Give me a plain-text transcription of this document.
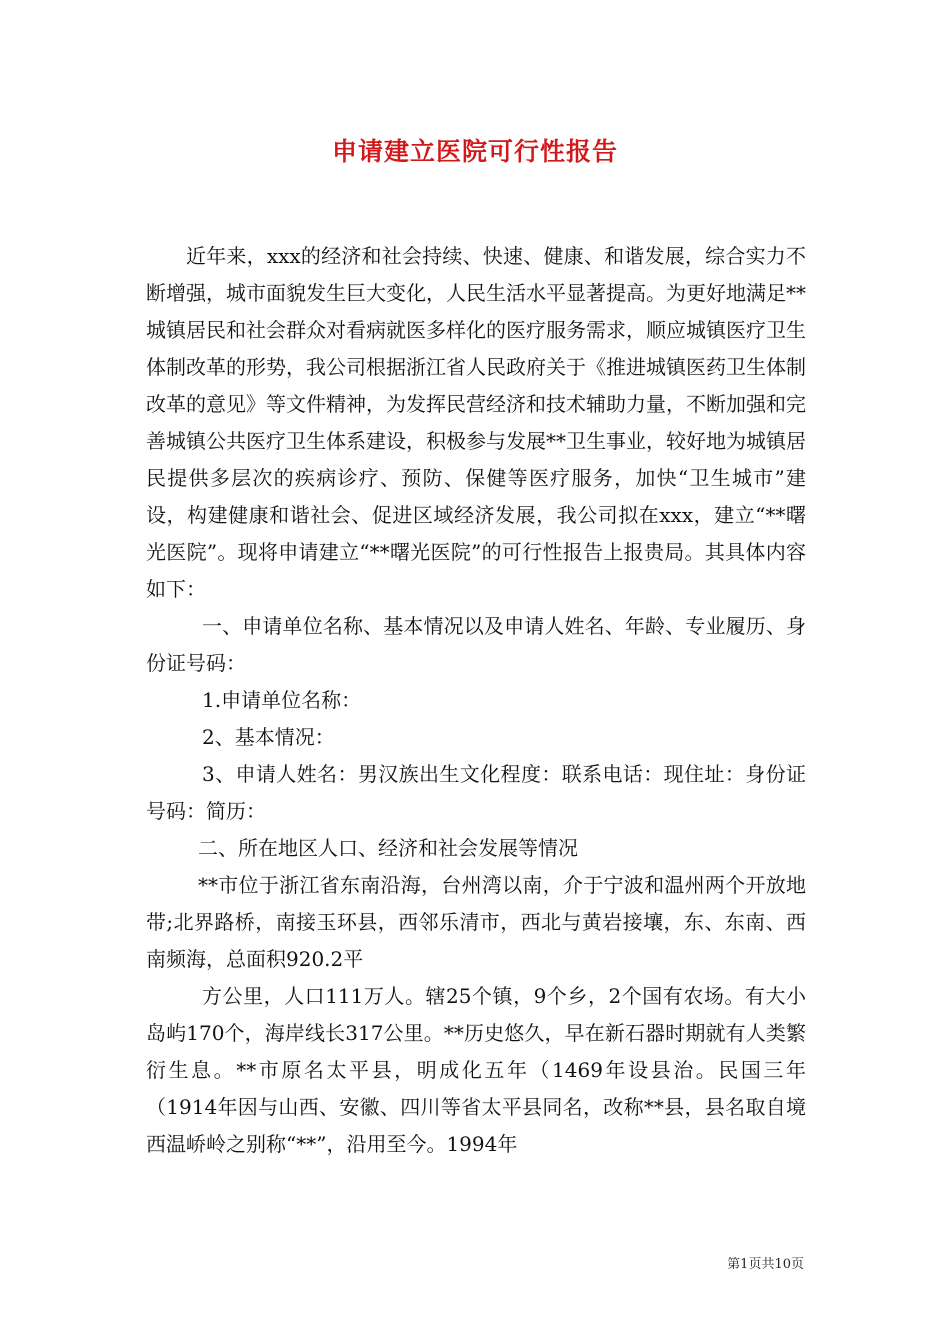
申请建立医院可行性报告

近年来，xxx的经济和社会持续、快速、健康、和谐发展，综合实力不断增强，城市面貌发生巨大变化，人民生活水平显著提高。为更好地满足**城镇居民和社会群众对看病就医多样化的医疗服务需求，顺应城镇医疗卫生体制改革的形势，我公司根据浙江省人民政府关于《推进城镇医药卫生体制改革的意见》等文件精神，为发挥民营经济和技术辅助力量，不断加强和完善城镇公共医疗卫生体系建设，积极参与发展**卫生事业，较好地为城镇居民提供多层次的疾病诊疗、预防、保健等医疗服务，加快“卫生城市”建设，构建健康和谐社会、促进区域经济发展，我公司拟在xxx，建立“**曙光医院”。现将申请建立“**曙光医院”的可行性报告上报贵局。其具体内容如下：

一、申请单位名称、基本情况以及申请人姓名、年龄、专业履历、身份证号码：

1.申请单位名称：

2、基本情况：

3、申请人姓名：男汉族出生文化程度：联系电话：现住址：身份证号码：简历：

二、所在地区人口、经济和社会发展等情况

**市位于浙江省东南沿海，台州湾以南，介于宁波和温州两个开放地带;北界路桥，南接玉环县，西邻乐清市，西北与黄岩接壤，东、东南、西南频海，总面积920.2平

方公里，人口111万人。辖25个镇，9个乡，2个国有农场。有大小岛屿170个，海岸线长317公里。**历史悠久，早在新石器时期就有人类繁衍生息。**市原名太平县，明成化五年（1469年设县治。民国三年（1914年因与山西、安徽、四川等省太平县同名，改称**县，县名取自境西温峤岭之别称“**”，沿用至今。1994年

第1页共10页
